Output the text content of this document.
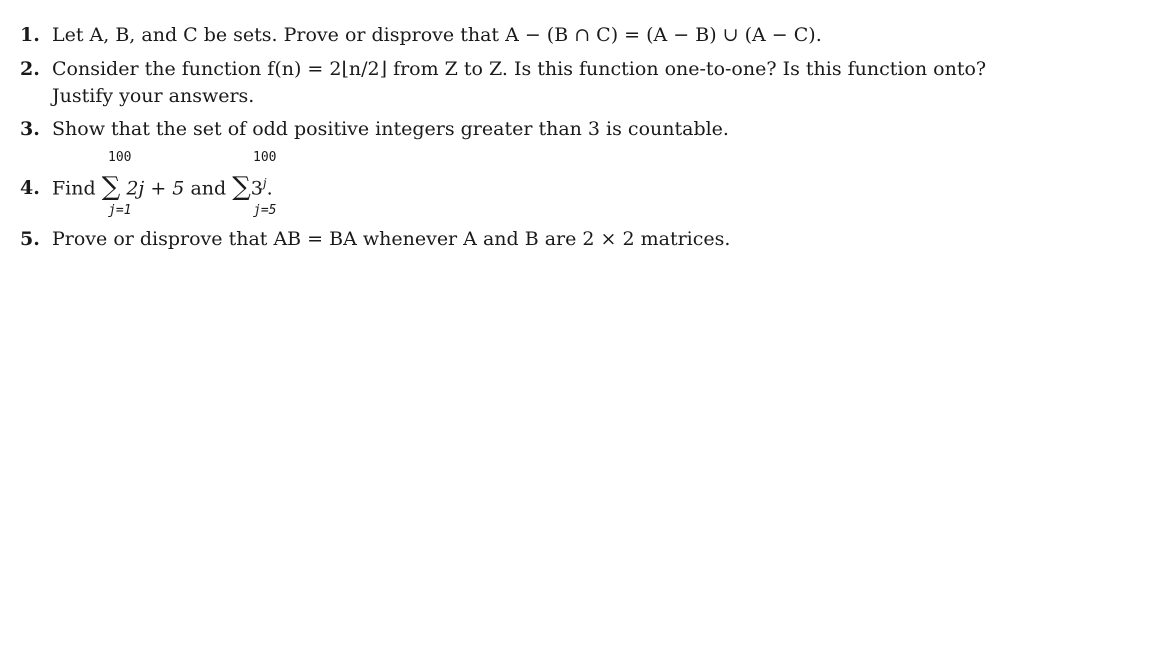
1. Let A, B, and C be sets. Prove or disprove that A − (B ∩ C) = (A − B) ∪ (A − C).
2. Consider the function f(n) = 2⌊n/2⌋ from Z to Z. Is this function one-to-one? Is this function onto?
Justify your answers.
3. Show that the set of odd positive integers greater than 3 is countable.
100
j=1
100
j=5
4. Find ∑ 2j + 5 and ∑3$^j$.
5. Prove or disprove that AB = BA whenever A and B are 2 × 2 matrices.
